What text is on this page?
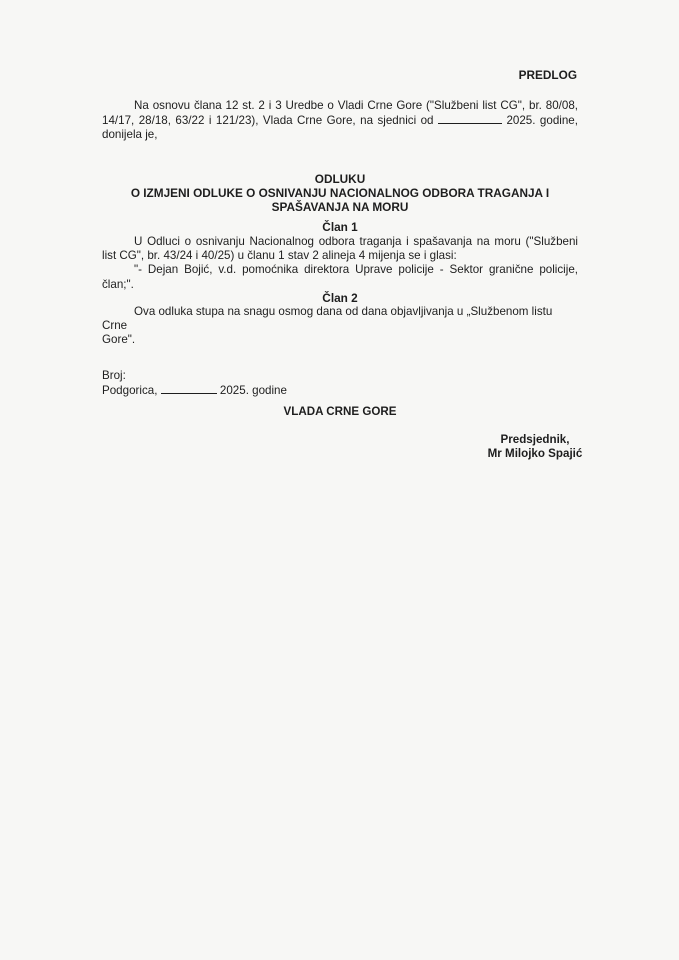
PREDLOG
Na osnovu člana 12 st. 2 i 3 Uredbe o Vladi Crne Gore ("Službeni list CG", br. 80/08,
14/17, 28/18, 63/22 i 121/23), Vlada Crne Gore, na sjednici od	2025. godine,
donijela je,
ODLUKU
O IZMJENI ODLUKE O OSNIVANJU NACIONALNOG ODBORA TRAGANJA I
SPAŠAVANJA NA MORU
Član 1
U Odluci o osnivanju Nacionalnog odbora traganja i spašavanja na moru ("Službeni
list CG", br. 43/24 i 40/25) u članu 1 stav 2 alineja 4 mijenja se i glasi:
"- Dejan Bojić, v.d. pomoćnika direktora Uprave policije - Sektor granične policije,
član;".
Član 2
Ova odluka stupa na snagu osmog dana od dana objavljivanja u „Službenom listu Crne
Gore".
Broj:
Podgorica,	2025. godine
VLADA CRNE GORE
Predsjednik,
Mr Milojko Spajić
